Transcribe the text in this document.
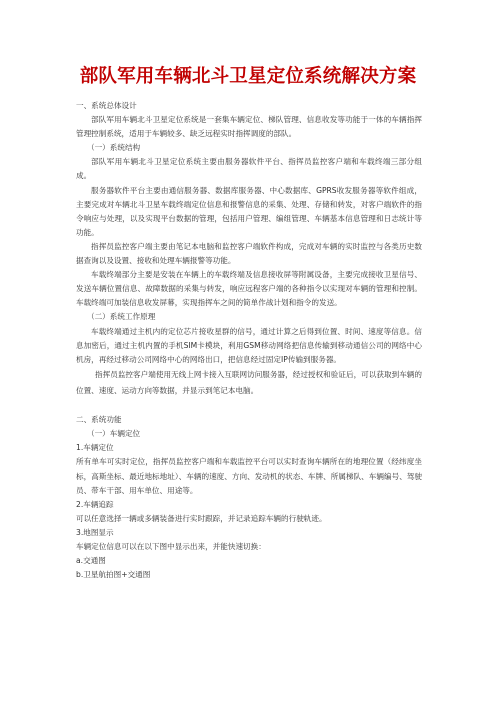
部队军用车辆北斗卫星定位系统解决方案

一、系统总体设计

部队军用车辆北斗卫星定位系统是一套集车辆定位、梯队管理、信息收发等功能于一体的车辆指挥管理控制系统，适用于车辆较多、缺乏远程实时指挥调度的部队。

（一）系统结构

部队军用车辆北斗卫星定位系统主要由服务器软件平台、指挥员监控客户端和车载终端三部分组成。

服务器软件平台主要由通信服务器、数据库服务器、中心数据库、GPRS收发服务器等软件组成，主要完成对车辆北斗卫星车载终端定位信息和报警信息的采集、处理、存储和转发，对客户端软件的指令响应与处理，以及实现平台数据的管理，包括用户管理、编组管理、车辆基本信息管理和日志统计等功能。

指挥员监控客户端主要由笔记本电脑和监控客户端软件构成，完成对车辆的实时监控与各类历史数据查询以及设置、接收和处理车辆报警等功能。

车载终端部分主要是安装在车辆上的车载终端及信息接收屏等附属设备，主要完成接收卫星信号、发送车辆位置信息、故障数据的采集与转发，响应远程客户端的各种指令以实现对车辆的管理和控制。车载终端可加装信息收发屏幕，实现指挥车之间的简单作战计划和指令的发送。

（二）系统工作原理

车载终端通过主机内的定位芯片接收星群的信号，通过计算之后得到位置、时间、速度等信息。信息加密后，通过主机内置的手机SIM卡模块，利用GSM移动网络把信息传输到移动通信公司的网络中心机房，再经过移动公司网络中心的网络出口，把信息经过固定IP传输到服务器。

指挥员监控客户端使用无线上网卡接入互联网访问服务器，经过授权和验证后，可以获取到车辆的位置、速度、运动方向等数据，并显示到笔记本电脑。

二、系统功能

（一）车辆定位

1.车辆定位

所有单车可实时定位，指挥员监控客户端和车载监控平台可以实时查询车辆所在的地理位置（经纬度坐标，高斯坐标、最近地标地址）、车辆的速度、方向、发动机的状态、车牌、所属梯队、车辆编号、驾驶员、带车干部、用车单位、用途等。

2.车辆追踪

可以任意选择一辆或多辆装备进行实时跟踪，并记录追踪车辆的行驶轨迹。

3.地图显示

车辆定位信息可以在以下图中显示出来，并能快速切换：

a.交通图

b.卫星航拍图+交通图
